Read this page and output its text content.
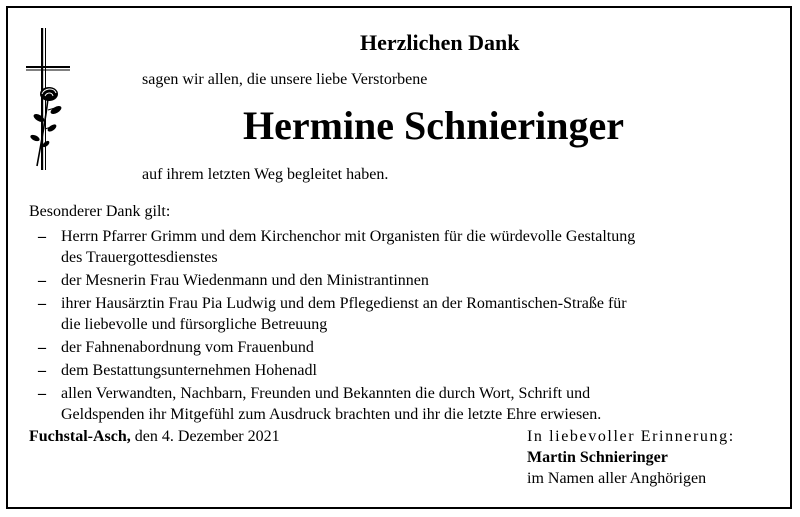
Herzlichen Dank
sagen wir allen, die unsere liebe Verstorbene
Hermine Schnieringer
auf ihrem letzten Weg begleitet haben.
Besonderer Dank gilt:
– Herrn Pfarrer Grimm und dem Kirchenchor mit Organisten für die würdevolle Gestaltung
des Trauergottesdienstes
– der Mesnerin Frau Wiedenmann und den Ministrantinnen
– ihrer Hausärztin Frau Pia Ludwig und dem Pflegedienst an der Romantischen-Straße für
die liebevolle und fürsorgliche Betreuung
– der Fahnenabordnung vom Frauenbund
– dem Bestattungsunternehmen Hohenadl
– allen Verwandten, Nachbarn, Freunden und Bekannten die durch Wort, Schrift und
Geldspenden ihr Mitgefühl zum Ausdruck brachten und ihr die letzte Ehre erwiesen.
Fuchstal-Asch, den 4. Dezember 2021	In liebevoller Erinnerung:
Martin Schnieringer
im Namen aller Anghörigen
